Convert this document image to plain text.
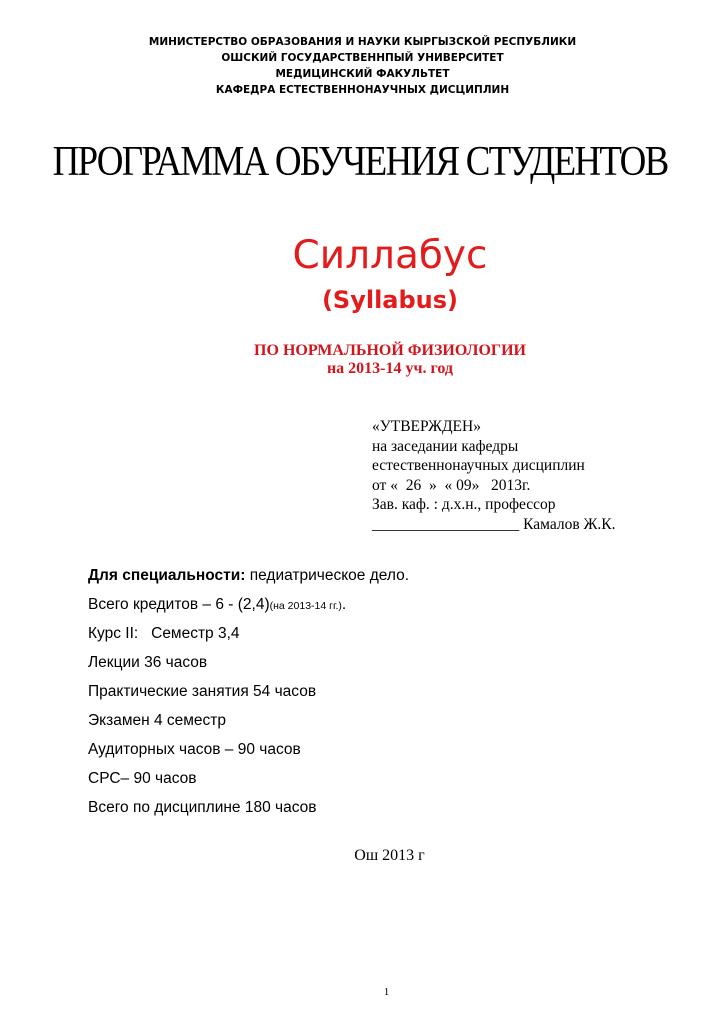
МИНИСТЕРСТВО ОБРАЗОВАНИЯ И НАУКИ КЫРГЫЗСКОЙ РЕСПУБЛИКИ
ОШСКИЙ ГОСУДАРСТВЕННПЫЙ УНИВЕРСИТЕТ
МЕДИЦИНСКИЙ ФАКУЛЬТЕТ
КАФЕДРА ЕСТЕСТВЕННОНАУЧНЫХ ДИСЦИПЛИН
ПРОГРАММА ОБУЧЕНИЯ СТУДЕНТОВ
Силлабус
(Syllabus)
ПО НОРМАЛЬНОЙ ФИЗИОЛОГИИ
на 2013-14 уч. год
«УТВЕРЖДЕН»
на заседании кафедры
естественнонаучных дисциплин
от «  26  »  « 09»   2013г.
Зав. каф. : д.х.н., профессор
___________________ Камалов Ж.К.
Для специальности: педиатрическое дело.
Всего кредитов – 6 - (2,4)(на 2013-14 гг.).
Курс II:   Семестр 3,4
Лекции 36 часов
Практические занятия 54 часов
Экзамен 4 семестр
Аудиторных часов – 90 часов
СРС– 90 часов
Всего по дисциплине 180 часов
Ош 2013 г
1
